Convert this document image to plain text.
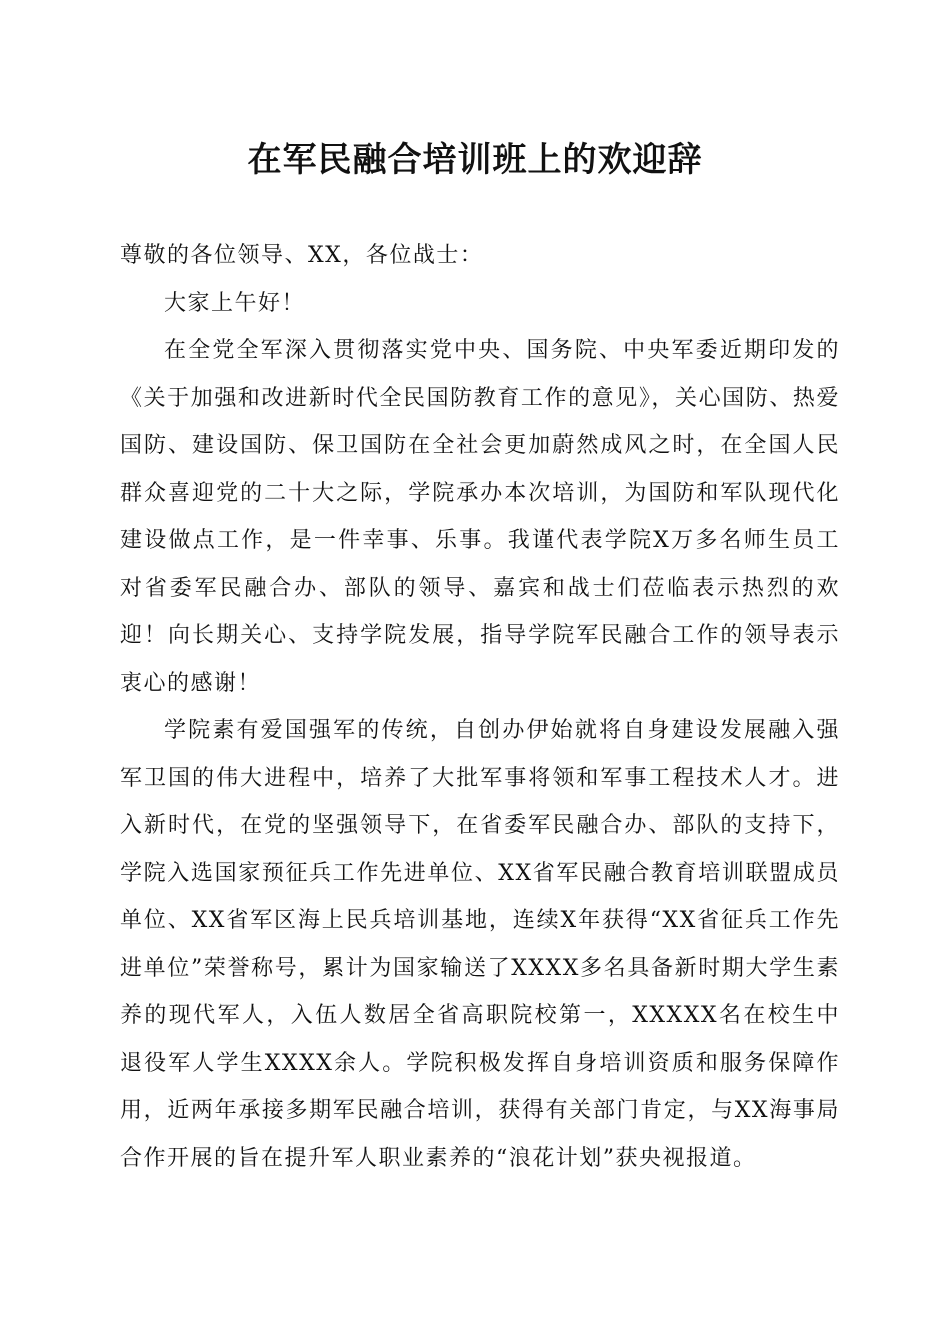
在军民融合培训班上的欢迎辞

尊敬的各位领导、XX，各位战士：

大家上午好！

在全党全军深入贯彻落实党中央、国务院、中央军委近期印发的《关于加强和改进新时代全民国防教育工作的意见》，关心国防、热爱国防、建设国防、保卫国防在全社会更加蔚然成风之时，在全国人民群众喜迎党的二十大之际，学院承办本次培训，为国防和军队现代化建设做点工作，是一件幸事、乐事。我谨代表学院X万多名师生员工对省委军民融合办、部队的领导、嘉宾和战士们莅临表示热烈的欢迎！向长期关心、支持学院发展，指导学院军民融合工作的领导表示衷心的感谢！

学院素有爱国强军的传统，自创办伊始就将自身建设发展融入强军卫国的伟大进程中，培养了大批军事将领和军事工程技术人才。进入新时代，在党的坚强领导下，在省委军民融合办、部队的支持下，学院入选国家预征兵工作先进单位、XX省军民融合教育培训联盟成员单位、XX省军区海上民兵培训基地，连续X年获得“XX省征兵工作先进单位”荣誉称号，累计为国家输送了XXXX多名具备新时期大学生素养的现代军人，入伍人数居全省高职院校第一，XXXXX名在校生中退役军人学生XXXX余人。学院积极发挥自身培训资质和服务保障作用，近两年承接多期军民融合培训，获得有关部门肯定，与XX海事局合作开展的旨在提升军人职业素养的“浪花计划”获央视报道。
